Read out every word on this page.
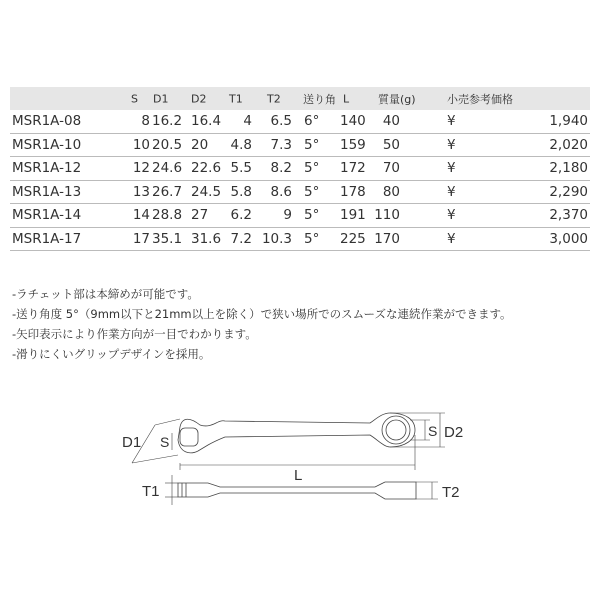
S D1 D2 T1 T2 送り角 L	質量(g)	小売参考価格
MSR1A-08	8 16.2 16.4 4 6.5 6° 140 40	¥	1,940
MSR1A-10	10 20.5 20 4.8 7.3 5° 159 50	¥	2,020
MSR1A-12	12 24.6 22.6 5.5 8.2 5° 172 70	¥	2,180
MSR1A-13	13 26.7 24.5 5.8 8.6 5° 178 80	¥	2,290
MSR1A-14	14 28.8 27 6.2 9 5° 191 110	¥	2,370
MSR1A-17	17 35.1 31.6 7.2 10.3 5° 225 170	¥	3,000
-ラチェット部は本締めが可能です。
-送り角度 5°（9mm以下と21mm以上を除く）で狭い場所でのスムーズな連続作業ができます。
-矢印表示により作業方向が一目でわかります。
-滑りにくいグリップデザインを採用。
D1 S
S D2
L
T1	T2
